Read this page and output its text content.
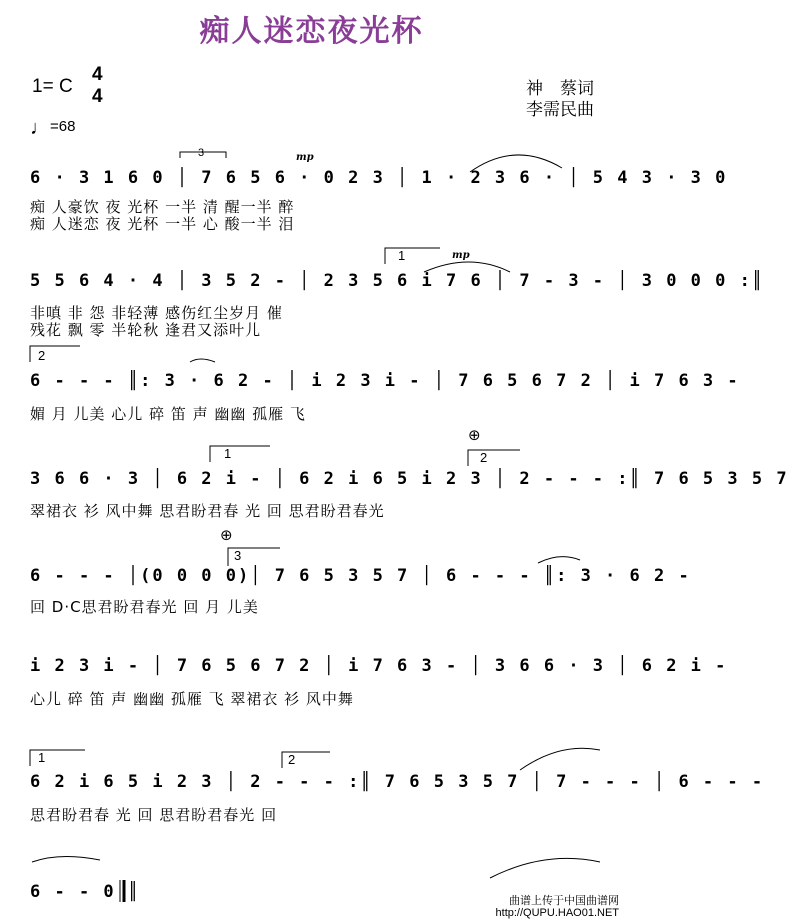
痴人迷恋夜光杯
1= C
4
4
♩=68
神　蔡词
李需民曲
mp
6 · 3 1 6 0 │ 7 6 5 6 · 0 2 3 │ 1 · 2 3 6 · │ 5 4 3 · 3 0
痴 人豪饮 夜 光杯 一半 清 醒一半 醉
痴 人迷恋 夜 光杯 一半 心 酸一半 泪
1	mp
5 5 6 4 · 4 │ 3 5 2 - │ 2 3 5 6 i 7 6 │ 7 - 3 - │ 3 0 0 0 :║
非嗔 非 怨 非轻薄 感伤红尘岁月 催
残花 飘 零 半轮秋 逢君又添叶儿
2
6 - - - ║: 3 · 6 2 - │ i 2 3 i - │ 7 6 5 6 7 2 │ i 7 6 3 -
媚 月 儿美 心儿 碎 笛 声 幽幽 孤雁 飞
1	2
3 6 6 · 3 │ 6 2 i - │ 6 2 i 6 5 i 2 3 │ 2 - - - :║ 7 6 5 3 5 7
翠裙衣 衫 风中舞 思君盼君春 光 回 思君盼君春光
3
6 - - - │(0 0 0 0)│ 7 6 5 3 5 7 │ 6 - - - ║: 3 · 6 2 -
回 D·C思君盼君春光 回 月 儿美
i 2 3 i - │ 7 6 5 6 7 2 │ i 7 6 3 - │ 3 6 6 · 3 │ 6 2 i -
心儿 碎 笛 声 幽幽 孤雁 飞 翠裙衣 衫 风中舞
1	2
6 2 i 6 5 i 2 3 │ 2 - - - :║ 7 6 5 3 5 7 │ 7 - - - │ 6 - - -
思君盼君春 光 回 思君盼君春光 回
6 - - 0 ║
3
⊕
⊕
曲谱上传于中国曲谱网
http://QUPU.HAO01.NET
